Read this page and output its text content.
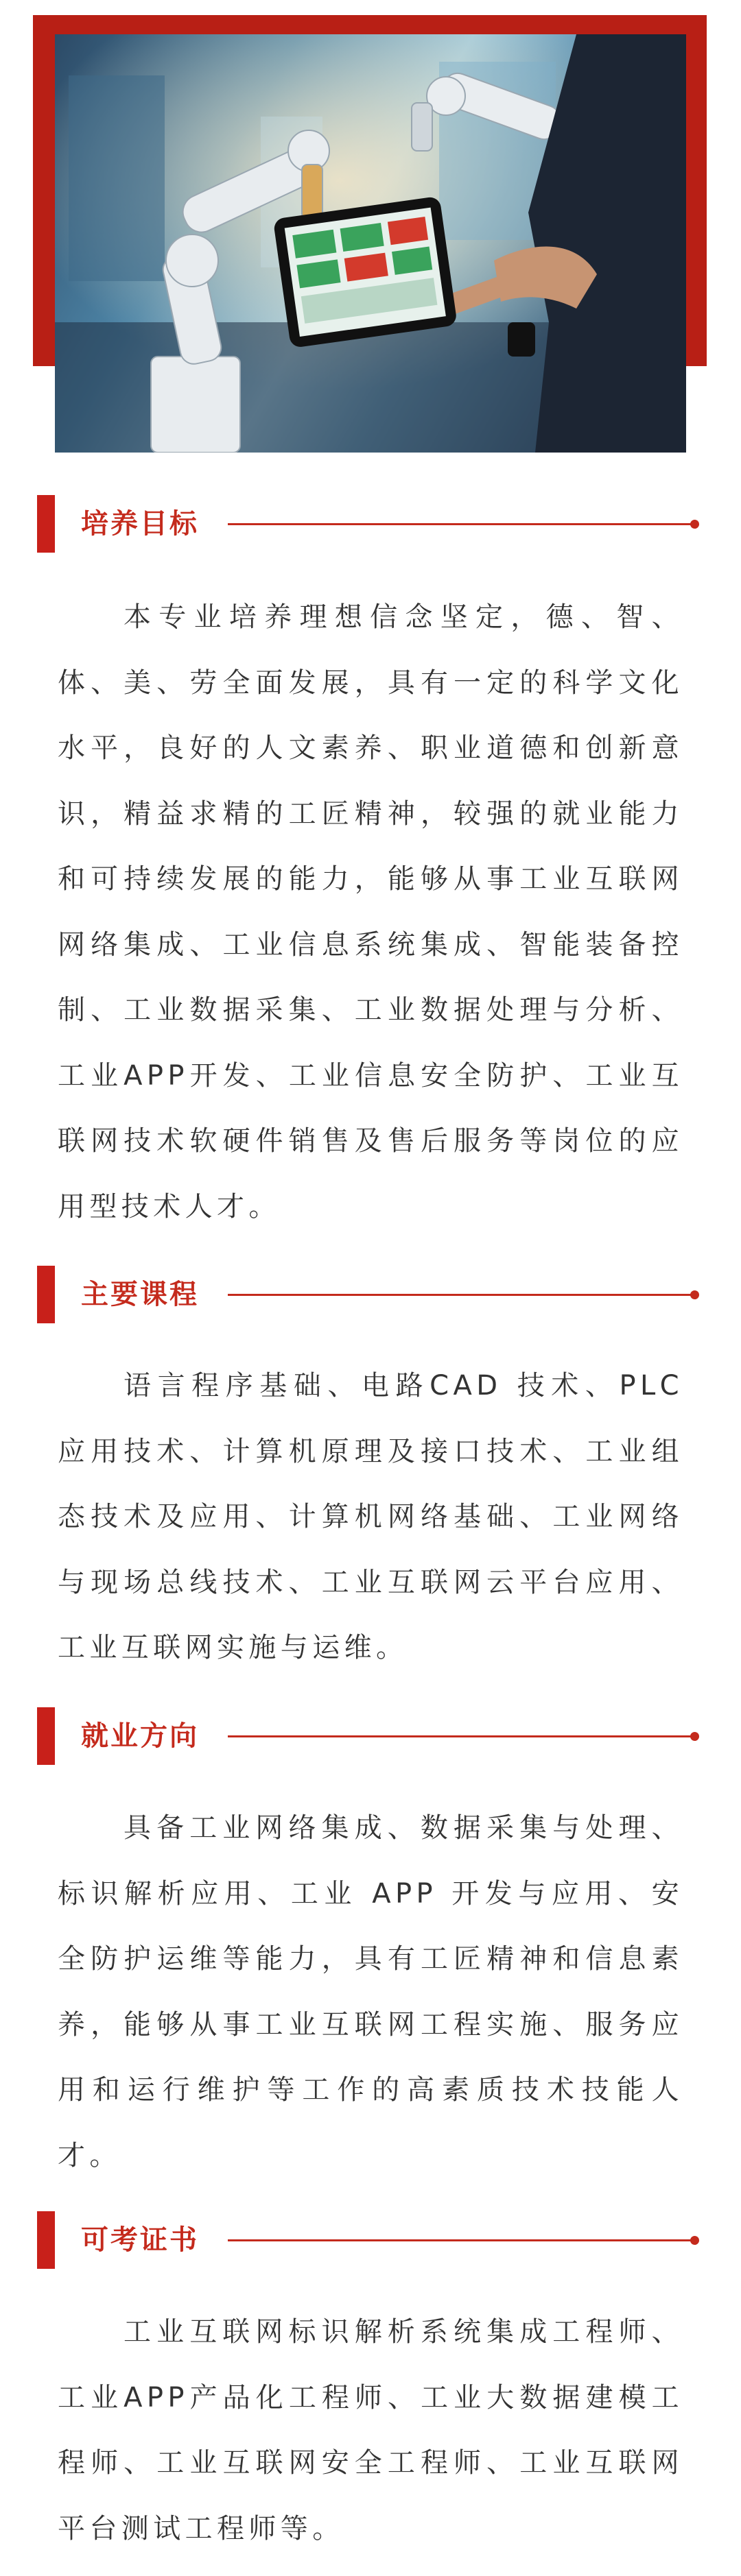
培养目标
本专业培养理想信念坚定，德、智、体、美、劳全面发展，具有一定的科学文化水平，良好的人文素养、职业道德和创新意识，精益求精的工匠精神，较强的就业能力和可持续发展的能力，能够从事工业互联网网络集成、工业信息系统集成、智能装备控制、工业数据采集、工业数据处理与分析、工业APP开发、工业信息安全防护、工业互联网技术软硬件销售及售后服务等岗位的应用型技术人才。
主要课程
语言程序基础、电路CAD 技术、PLC应用技术、计算机原理及接口技术、工业组态技术及应用、计算机网络基础、工业网络与现场总线技术、工业互联网云平台应用、工业互联网实施与运维。
就业方向
具备工业网络集成、数据采集与处理、标识解析应用、工业 APP 开发与应用、安全防护运维等能力，具有工匠精神和信息素养，能够从事工业互联网工程实施、服务应用和运行维护等工作的高素质技术技能人才。
可考证书
工业互联网标识解析系统集成工程师、工业APP产品化工程师、工业大数据建模工程师、工业互联网安全工程师、工业互联网平台测试工程师等。
